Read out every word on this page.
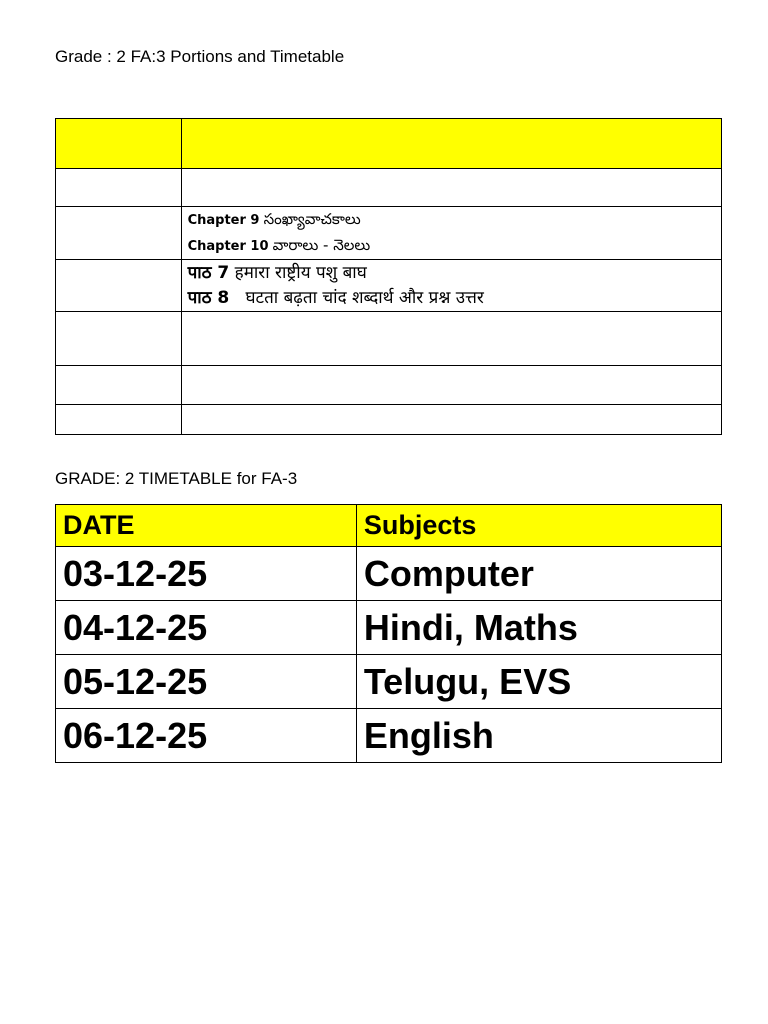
Grade : 2 FA:3 Portions and Timetable

	Chapter 9 సంఖ్యావాచకాలు
Chapter 10 వారాలు - నెలలు

	पाठ 7 हमारा राष्ट्रीय पशु बाघ
पाठ 8 घटता बढ़ता चांद शब्दार्थ और प्रश्न उत्तर

GRADE: 2 TIMETABLE for FA-3
DATE	Subjects
03-12-25	Computer
04-12-25	Hindi, Maths
05-12-25	Telugu, EVS
06-12-25	English
